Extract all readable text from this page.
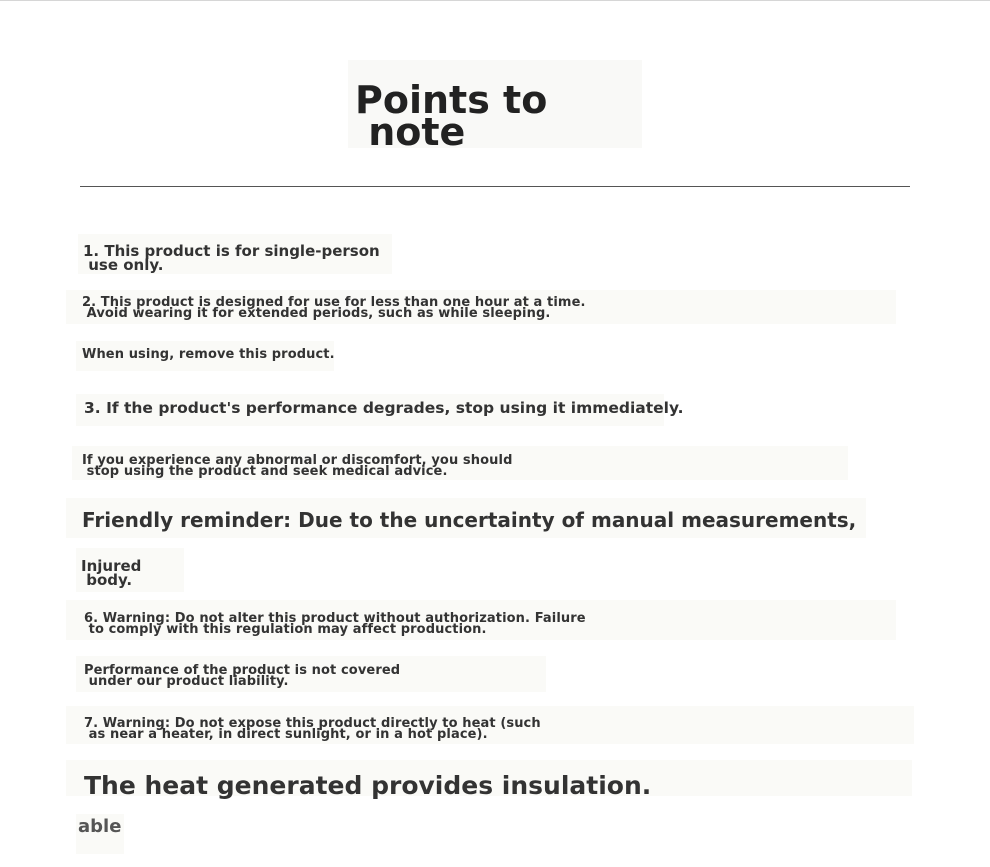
Points to
note

1. This product is for single-person
use only.

2. This product is designed for use for less than one hour at a time.
Avoid wearing it for extended periods, such as while sleeping.

When using, remove this product.

3. If the product's performance degrades, stop using it immediately.

If you experience any abnormal or discomfort, you should
stop using the product and seek medical advice.

Friendly reminder: Due to the uncertainty of manual measurements,

Injured
body.

6. Warning: Do not alter this product without authorization. Failure
to comply with this regulation may affect production.

Performance of the product is not covered
under our product liability.

7. Warning: Do not expose this product directly to heat (such
as near a heater, in direct sunlight, or in a hot place).

The heat generated provides insulation.

able
